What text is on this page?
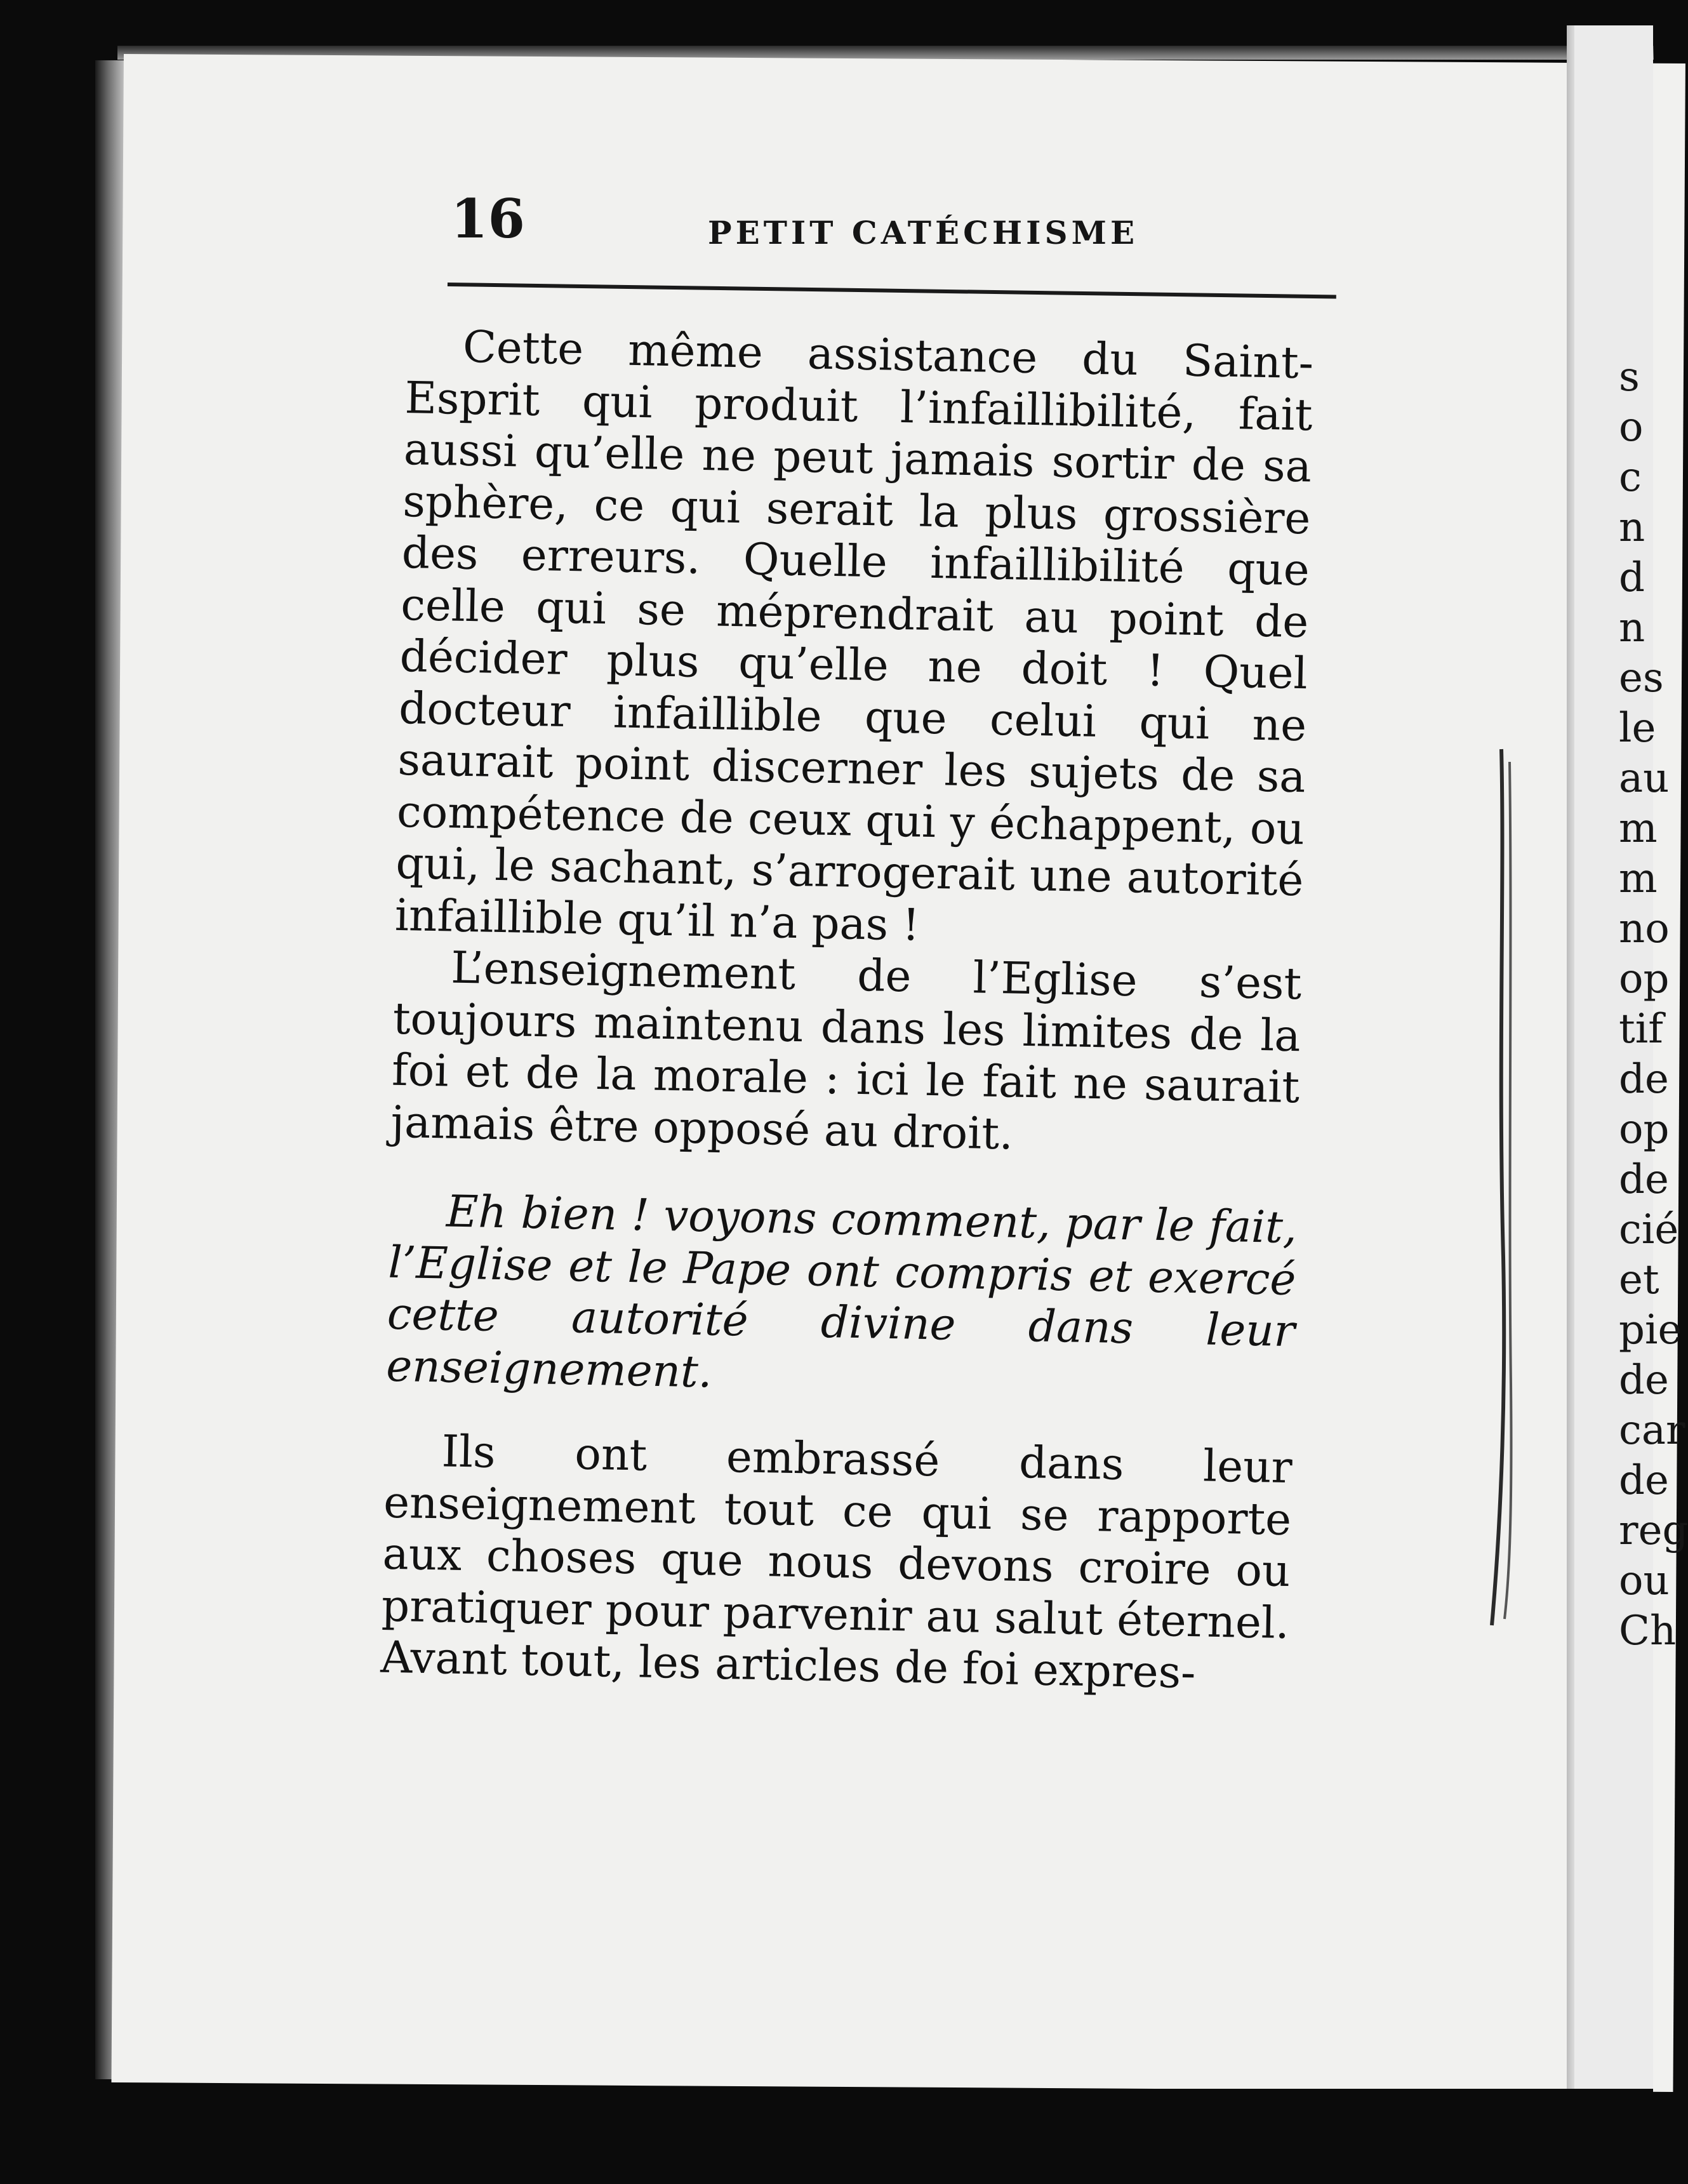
16	PETIT CATÉCHISME

Cette même assistance du Saint-Esprit qui produit l’infaillibilité, fait aussi qu’elle ne peut jamais sortir de sa sphère, ce qui serait la plus grossière des erreurs. Quelle infaillibilité que celle qui se méprendrait au point de décider plus qu’elle ne doit ! Quel docteur infaillible que celui qui ne saurait point discerner les sujets de sa compétence de ceux qui y échappent, ou qui, le sachant, s’arrogerait une autorité infaillible qu’il n’a pas !

L’enseignement de l’Eglise s’est toujours maintenu dans les limites de la foi et de la morale : ici le fait ne saurait jamais être opposé au droit.

Eh bien ! voyons comment, par le fait, l’Eglise et le Pape ont compris et exercé cette autorité divine dans leur enseignement.

Ils ont embrassé dans leur enseignement tout ce qui se rapporte aux choses que nous devons croire ou pratiquer pour parvenir au salut éternel. Avant tout, les articles de foi expres-

s
o
c
n
d
n
es
le
au
m
m
no
op
tif
de
op
de
cié
et
pie
de
car
de
reg
ou
Ch
